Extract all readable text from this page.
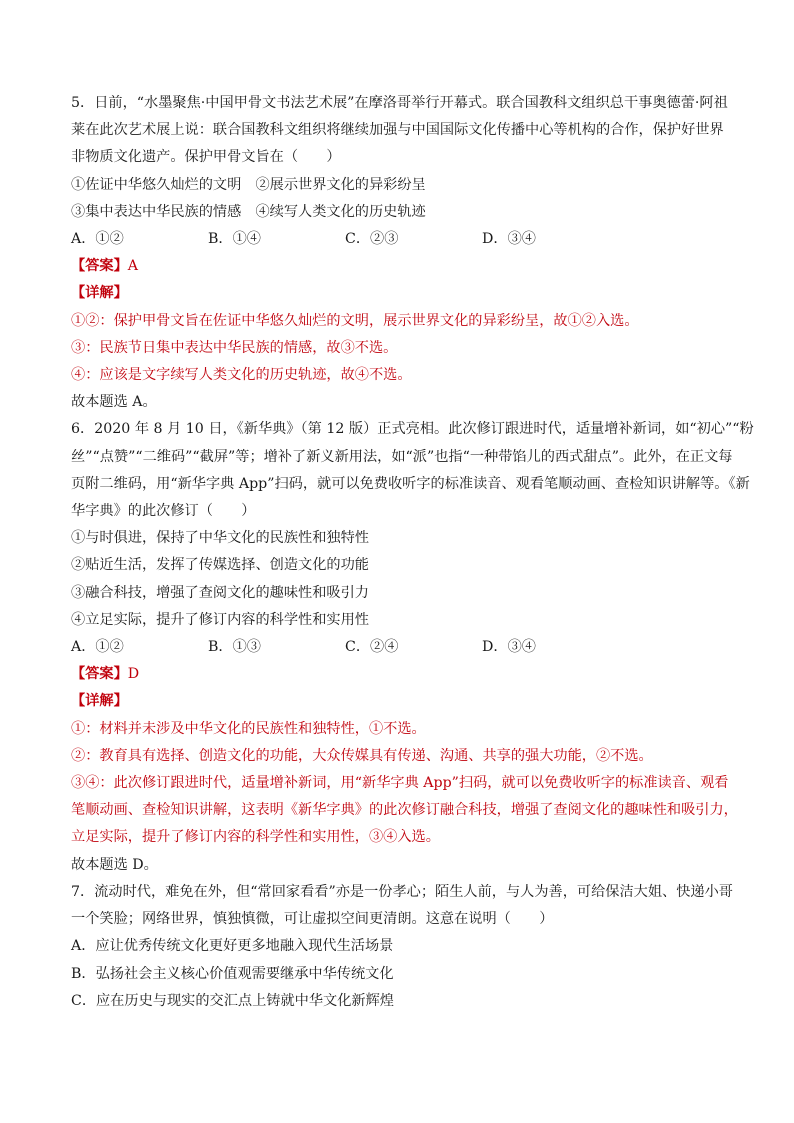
5．日前，“水墨聚焦·中国甲骨文书法艺术展”在摩洛哥举行开幕式。联合国教科文组织总干事奥德蕾·阿祖
莱在此次艺术展上说：联合国教科文组织将继续加强与中国国际文化传播中心等机构的合作，保护好世界
非物质文化遗产。保护甲骨文旨在（　　）
①佐证中华悠久灿烂的文明　②展示世界文化的异彩纷呈
③集中表达中华民族的情感　④续写人类文化的历史轨迹
A．①②	B．①④	C．②③	D．③④
【答案】A
【详解】
①②：保护甲骨文旨在佐证中华悠久灿烂的文明，展示世界文化的异彩纷呈，故①②入选。
③：民族节日集中表达中华民族的情感，故③不选。
④：应该是文字续写人类文化的历史轨迹，故④不选。
故本题选 A。
6．2020 年 8 月 10 日，《新华典》（第 12 版）正式亮相。此次修订跟进时代，适量增补新词，如“初心”“粉
丝”“点赞”“二维码”“截屏”等；增补了新义新用法，如“派”也指“一种带馅儿的西式甜点”。此外，在正文每
页附二维码，用“新华字典 App”扫码，就可以免费收听字的标准读音、观看笔顺动画、查检知识讲解等。《新
华字典》的此次修订（　　）
①与时俱进，保持了中华文化的民族性和独特性
②贴近生活，发挥了传媒选择、创造文化的功能
③融合科技，增强了查阅文化的趣味性和吸引力
④立足实际，提升了修订内容的科学性和实用性
A．①②	B．①③	C．②④	D．③④
【答案】D
【详解】
①：材料并未涉及中华文化的民族性和独特性，①不选。
②：教育具有选择、创造文化的功能，大众传媒具有传递、沟通、共享的强大功能，②不选。
③④：此次修订跟进时代，适量增补新词，用“新华字典 App”扫码，就可以免费收听字的标准读音、观看
笔顺动画、查检知识讲解，这表明《新华字典》的此次修订融合科技，增强了查阅文化的趣味性和吸引力，
立足实际，提升了修订内容的科学性和实用性，③④入选。
故本题选 D。
7．流动时代，难免在外，但“常回家看看”亦是一份孝心；陌生人前，与人为善，可给保洁大姐、快递小哥
一个笑脸；网络世界，慎独慎微，可让虚拟空间更清朗。这意在说明（　　）
A．应让优秀传统文化更好更多地融入现代生活场景
B．弘扬社会主义核心价值观需要继承中华传统文化
C．应在历史与现实的交汇点上铸就中华文化新辉煌
